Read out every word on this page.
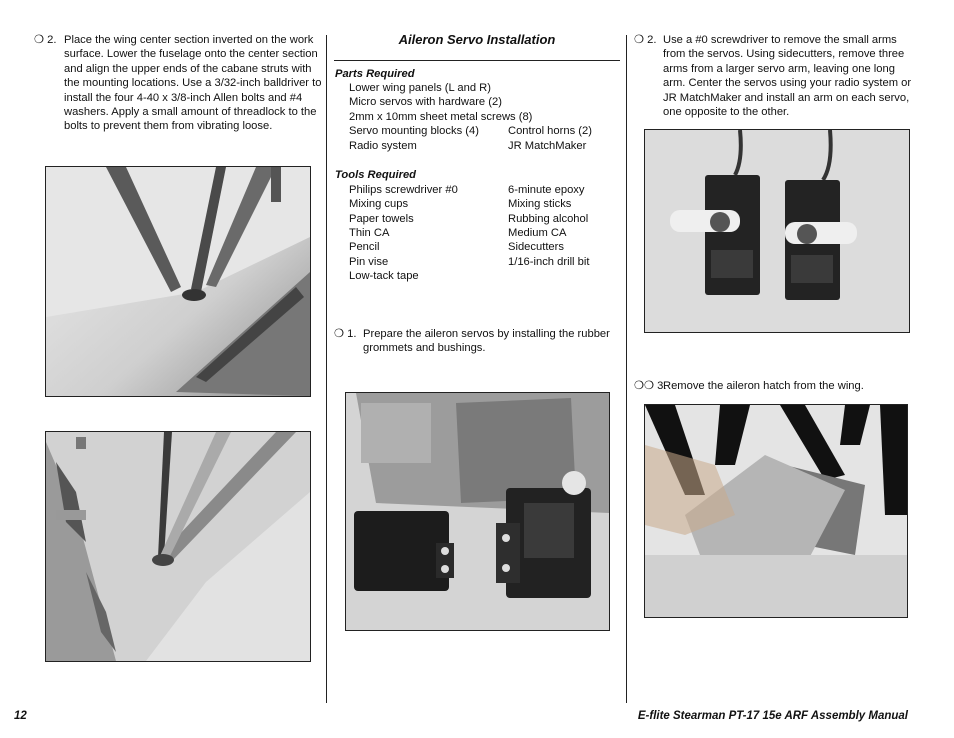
❍ 2. Place the wing center section inverted on the work surface. Lower the fuselage onto the center section and align the upper ends of the cabane struts with the mounting locations. Use a 3/32-inch balldriver to install the four 4-40 x 3/8-inch Allen bolts and #4 washers. Apply a small amount of threadlock to the bolts to prevent them from vibrating loose.
Aileron Servo Installation
Parts Required
Lower wing panels (L and R)
Micro servos with hardware (2)
2mm x 10mm sheet metal screws (8)
Servo mounting blocks (4)	Control horns (2)
Radio system	JR MatchMaker
Tools Required
Philips screwdriver #0	6-minute epoxy
Mixing cups	Mixing sticks
Paper towels	Rubbing alcohol
Thin CA	Medium CA
Pencil	Sidecutters
Pin vise	1/16-inch drill bit
Low-tack tape
❍ 1. Prepare the aileron servos by installing the rubber grommets and bushings.
❍ 2. Use a #0 screwdriver to remove the small arms from the servos. Using sidecutters, remove three arms from a larger servo arm, leaving one long arm. Center the servos using your radio system or JR MatchMaker and install an arm on each servo, one opposite to the other.
❍❍ 3.
Remove the aileron hatch from the wing.
12	E-flite Stearman PT-17 15e ARF Assembly Manual
